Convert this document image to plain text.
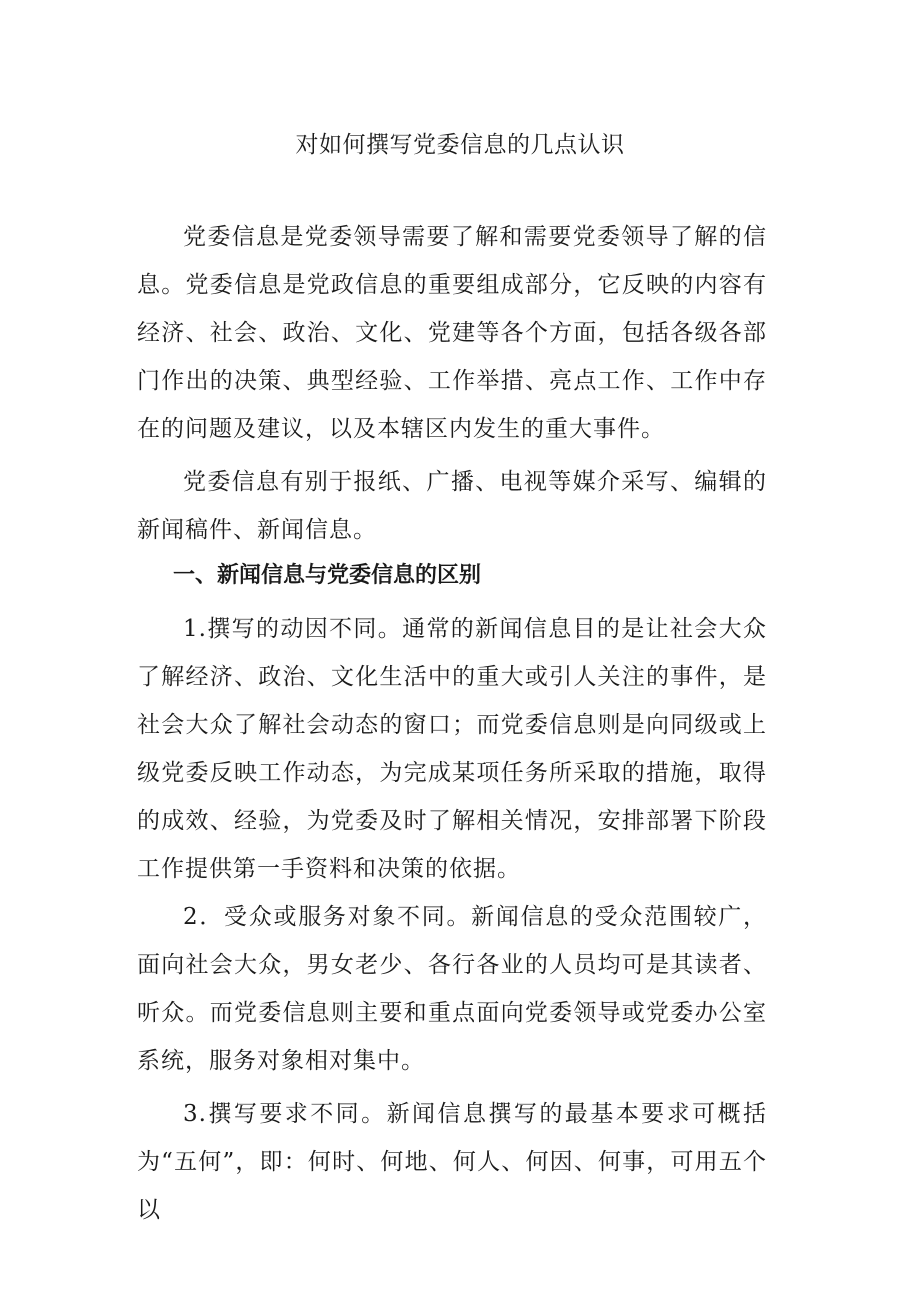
对如何撰写党委信息的几点认识

党委信息是党委领导需要了解和需要党委领导了解的信息。党委信息是党政信息的重要组成部分，它反映的内容有经济、社会、政治、文化、党建等各个方面，包括各级各部门作出的决策、典型经验、工作举措、亮点工作、工作中存在的问题及建议，以及本辖区内发生的重大事件。

党委信息有别于报纸、广播、电视等媒介采写、编辑的新闻稿件、新闻信息。

一、新闻信息与党委信息的区别

1.撰写的动因不同。通常的新闻信息目的是让社会大众了解经济、政治、文化生活中的重大或引人关注的事件，是社会大众了解社会动态的窗口；而党委信息则是向同级或上级党委反映工作动态，为完成某项任务所采取的措施，取得的成效、经验，为党委及时了解相关情况，安排部署下阶段工作提供第一手资料和决策的依据。

2．受众或服务对象不同。新闻信息的受众范围较广，面向社会大众，男女老少、各行各业的人员均可是其读者、听众。而党委信息则主要和重点面向党委领导或党委办公室系统，服务对象相对集中。

3.撰写要求不同。新闻信息撰写的最基本要求可概括为“五何”，即：何时、何地、何人、何因、何事，可用五个以
